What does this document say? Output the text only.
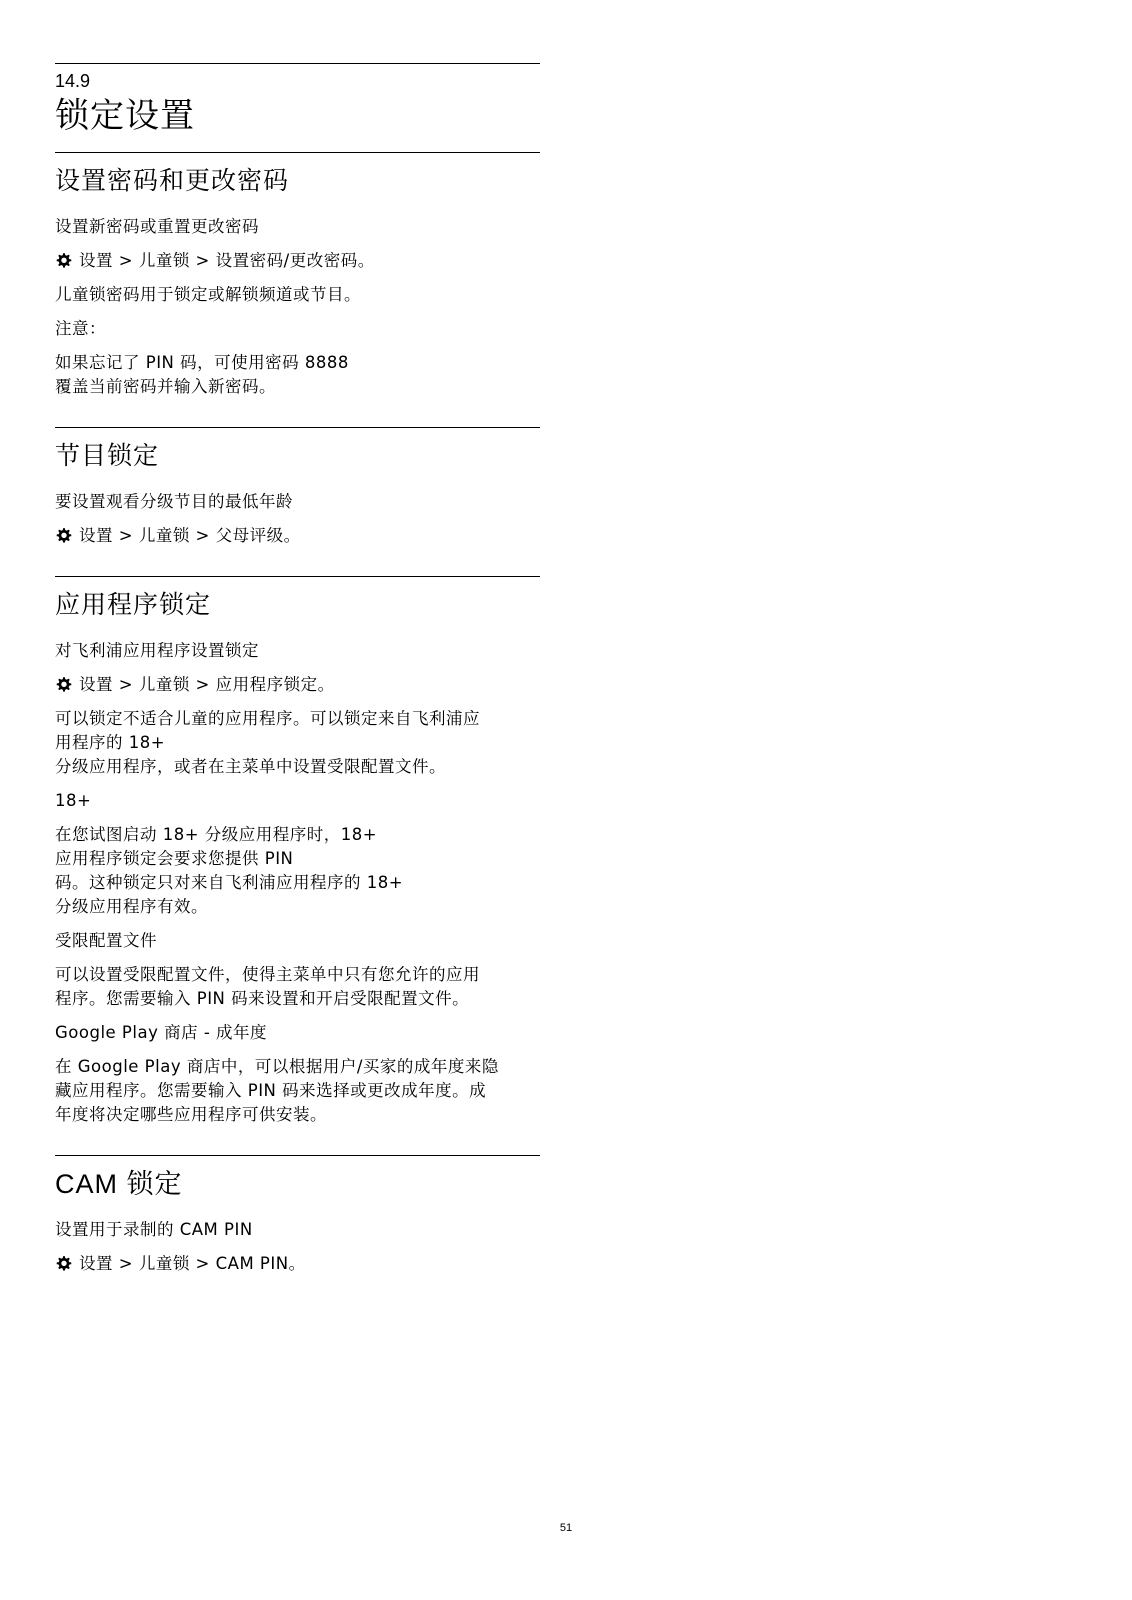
14.9
锁定设置
设置密码和更改密码
设置新密码或重置更改密码
设置 > 儿童锁 > 设置密码/更改密码。
儿童锁密码用于锁定或解锁频道或节目。
注意：
如果忘记了 PIN 码，可使用密码 8888
覆盖当前密码并输入新密码。
节目锁定
要设置观看分级节目的最低年龄
设置 > 儿童锁 > 父母评级。
应用程序锁定
对飞利浦应用程序设置锁定
设置 > 儿童锁 > 应用程序锁定。
可以锁定不适合儿童的应用程序。可以锁定来自飞利浦应
用程序的 18+
分级应用程序，或者在主菜单中设置受限配置文件。
18+
在您试图启动 18+ 分级应用程序时，18+
应用程序锁定会要求您提供 PIN
码。这种锁定只对来自飞利浦应用程序的 18+
分级应用程序有效。
受限配置文件
可以设置受限配置文件，使得主菜单中只有您允许的应用
程序。您需要输入 PIN 码来设置和开启受限配置文件。
Google Play 商店 - 成年度
在 Google Play 商店中，可以根据用户/买家的成年度来隐
藏应用程序。您需要输入 PIN 码来选择或更改成年度。成
年度将决定哪些应用程序可供安装。
CAM 锁定
设置用于录制的 CAM PIN
设置 > 儿童锁 > CAM PIN。
51
